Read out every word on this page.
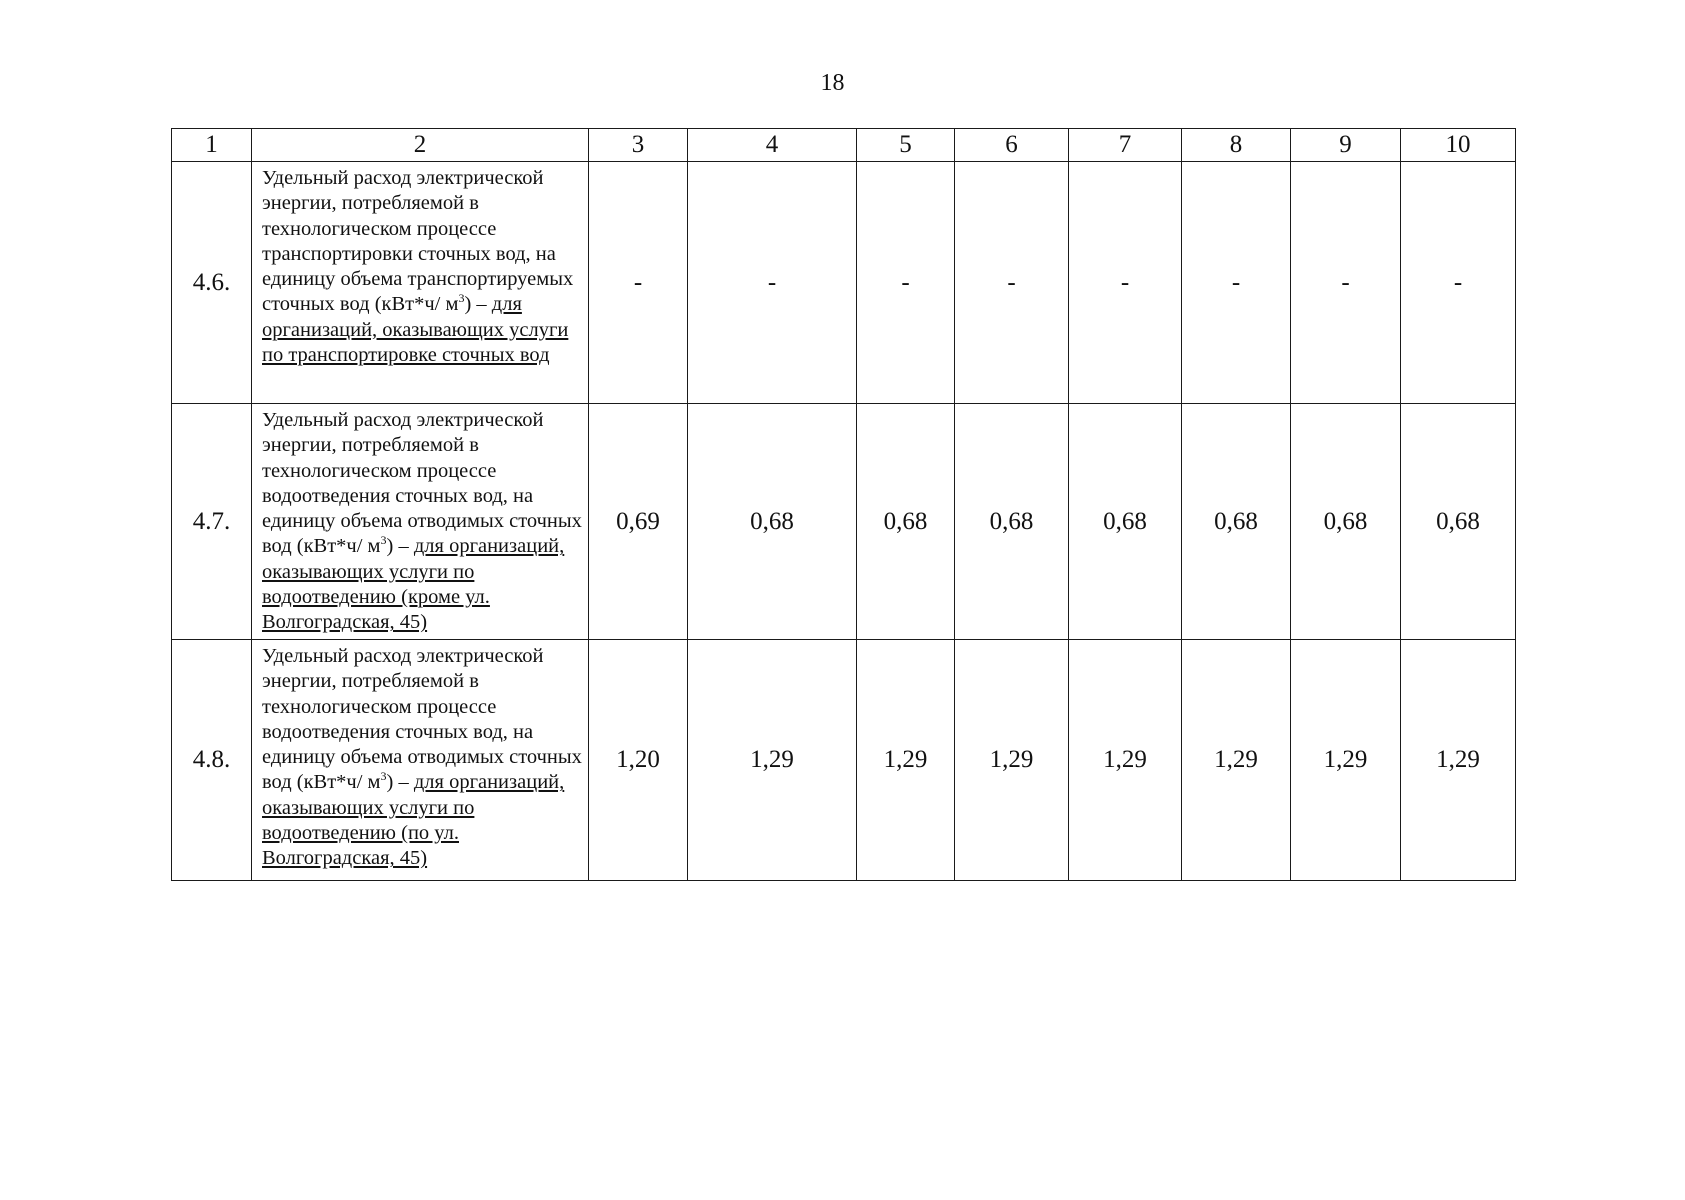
18
1	2	3	4	5	6	7	8	9	10
4.6.	Удельный расход электрической энергии, потребляемой в технологическом процессе транспортировки сточных вод, на единицу объема транспортируемых сточных вод (кВт*ч/ $м^3$) – для организаций, оказывающих услуги по транспортировке сточных вод	-	-	-	-	-	-	-	-
4.7.	Удельный расход электрической энергии, потребляемой в технологическом процессе водоотведения сточных вод, на единицу объема отводимых сточных вод (кВт*ч/ $м^3$) – для организаций, оказывающих услуги по водоотведению (кроме ул. Волгоградская, 45)	0,69	0,68	0,68	0,68	0,68	0,68	0,68	0,68
4.8.	Удельный расход электрической энергии, потребляемой в технологическом процессе водоотведения сточных вод, на единицу объема отводимых сточных вод (кВт*ч/ $м^3$) – для организаций, оказывающих услуги по водоотведению (по ул. Волгоградская, 45)	1,20	1,29	1,29	1,29	1,29	1,29	1,29	1,29
